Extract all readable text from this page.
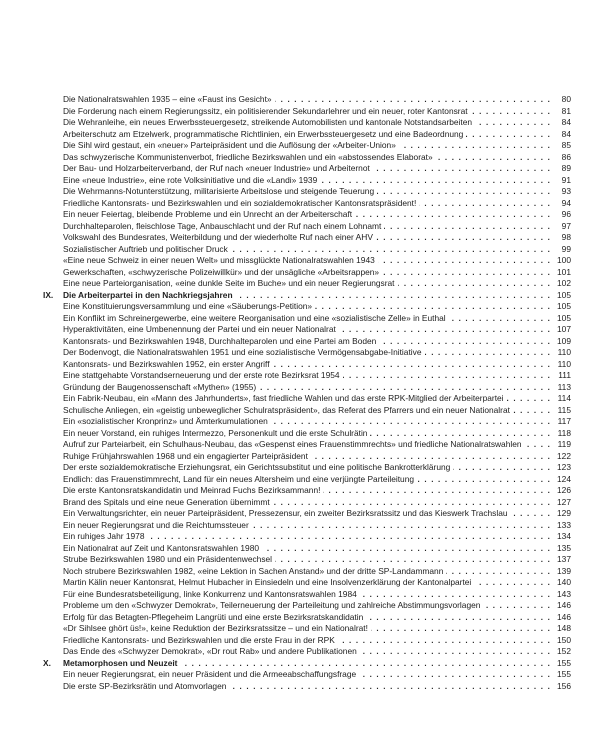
. . .
Die Nationalratswahlen 1935 – eine «Faust ins Gesicht»	80
. . .
Die Forderung nach einem Regierungssitz, ein politisierender Sekundarlehrer und ein neuer, roter Kantonsrat	81
. . .
Die Wehranleihe, ein neues Erwerbssteuergesetz, streikende Automobilisten und kantonale Notstandsarbeiten	84
. . .
Arbeiterschutz am Etzelwerk, programmatische Richtlinien, ein Erwerbssteuergesetz und eine Badeordnung	84
. . .
Die Sihl wird gestaut, ein «neuer» Parteipräsident und die Auflösung der «Arbeiter-Union»	85
. . .
Das schwyzerische Kommunistenverbot, friedliche Bezirkswahlen und ein «abstossendes Elaborat»	86
. . .
Der Bau- und Holzarbeiterverband, der Ruf nach «neuer Industrie» und Arbeiternot	89
. . .
Eine «neue Industrie», eine rote Volksinitiative und die «Landi» 1939	91
. . .
Die Wehrmanns-Notunterstützung, militarisierte Arbeitslose und steigende Teuerung	93
. . .
Friedliche Kantonsrats- und Bezirkswahlen und ein sozialdemokratischer Kantonsratspräsident!	94
. . .
Ein neuer Feiertag, bleibende Probleme und ein Unrecht an der Arbeiterschaft	96
. . .
Durchhalteparolen, fleischlose Tage, Anbauschlacht und der Ruf nach einem Lohnamt	97
. . .
Volkswahl des Bundesrates, Weiterbildung und der wiederholte Ruf nach einer AHV	98
. . .
Sozialistischer Auftrieb und politischer Druck	99
. . .
«Eine neue Schweiz in einer neuen Welt» und missglückte Nationalratswahlen 1943	100
. . .
Gewerkschaften, «schwyzerische Polizeiwillkür» und der unsägliche «Arbeitsrappen»	101
. . .
Eine neue Parteiorganisation, «eine dunkle Seite im Buche» und ein neuer Regierungsrat	102
. . .
IX.	Die Arbeiterpartei in den Nachkriegsjahren	105
. . .
Eine Konstituierungsversammlung und eine «Säuberungs-Petition»	105
. . .
Ein Konflikt im Schreinergewerbe, eine weitere Reorganisation und eine «sozialistische Zelle» in Euthal	105
. . .
Hyperaktivitäten, eine Umbenennung der Partei und ein neuer Nationalrat	107
. . .
Kantonsrats- und Bezirkswahlen 1948, Durchhalteparolen und eine Partei am Boden	109
. . .
Der Bodenvogt, die Nationalratswahlen 1951 und eine sozialistische Vermögensabgabe-Initiative	110
. . .
Kantonsrats- und Bezirkswahlen 1952, ein erster Angriff	110
. . .
Eine stattgehabte Vorstandserneuerung und der erste rote Bezirksrat 1954	111
. . .
Gründung der Baugenossenschaft «Mythen» (1955)	113
. . .
Ein Fabrik-Neubau, ein «Mann des Jahrhunderts», fast friedliche Wahlen und das erste RPK-Mitglied der Arbeiterpartei	114
. . .
Schulische Anliegen, ein «geistig unbeweglicher Schulratspräsident», das Referat des Pfarrers und ein neuer Nationalrat	115
. . .
Ein «sozialistischer Kronprinz» und Ämterkumulationen	117
. . .
Ein neuer Vorstand, ein ruhiges Intermezzo, Personenkult und die erste Schulrätin	118
. . .
Aufruf zur Parteiarbeit, ein Schulhaus-Neubau, das «Gespenst eines Frauenstimmrechts» und friedliche Nationalratswahlen	119
. . .
Ruhige Frühjahrswahlen 1968 und ein engagierter Parteipräsident	122
. . .
Der erste sozialdemokratische Erziehungsrat, ein Gerichtssubstitut und eine politische Bankrotterklärung	123
. . .
Endlich: das Frauenstimmrecht, Land für ein neues Altersheim und eine verjüngte Parteileitung	124
. . .
Die erste Kantonsratskandidatin und Meinrad Fuchs Bezirksammann!	126
. . .
Brand des Spitals und eine neue Generation übernimmt	127
. . .
Ein Verwaltungsrichter, ein neuer Parteipräsident, Pressezensur, ein zweiter Bezirksratssitz und das Kieswerk Trachslau	129
. . .
Ein neuer Regierungsrat und die Reichtumssteuer	133
. . .
Ein ruhiges Jahr 1978	134
. . .
Ein Nationalrat auf Zeit und Kantonsratswahlen 1980	135
. . .
Strube Bezirkswahlen 1980 und ein Präsidentenwechsel	137
. . .
Noch strubere Bezirkswahlen 1982, «eine Lektion in Sachen Anstand» und der dritte SP-Landammann	139
. . .
Martin Kälin neuer Kantonsrat, Helmut Hubacher in Einsiedeln und eine Insolvenzerklärung der Kantonalpartei	140
. . .
Für eine Bundesratsbeteiligung, linke Konkurrenz und Kantonsratswahlen 1984	143
. . .
Probleme um den «Schwyzer Demokrat», Teilerneuerung der Parteileitung und zahlreiche Abstimmungsvorlagen	146
. . .
Erfolg für das Betagten-Pflegeheim Langrüti und eine erste Bezirksratskandidatin	146
. . .
«Dr Sihlsee ghört üs!», keine Reduktion der Bezirksratssitze – und ein Nationalrat!	148
. . .
Friedliche Kantonsrats- und Bezirkswahlen und die erste Frau in der RPK	150
. . .
Das Ende des «Schwyzer Demokrat», «Dr rout Rab» und andere Publikationen	152
. . .
X.	Metamorphosen und Neuzeit	155
. . .
Ein neuer Regierungsrat, ein neuer Präsident und die Armeeabschaffungsfrage	155
. . .
Die erste SP-Bezirksrätin und Atomvorlagen	156
